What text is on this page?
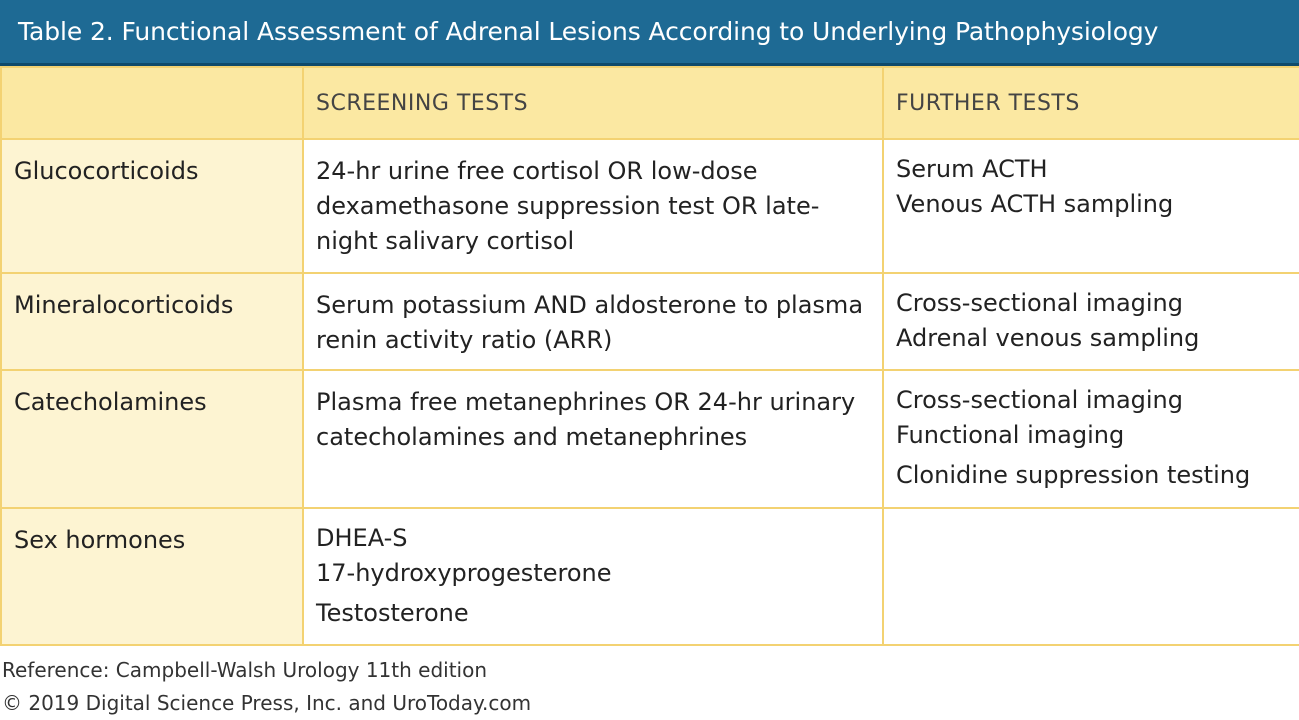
Table 2. Functional Assessment of Adrenal Lesions According to Underlying Pathophysiology
	SCREENING TESTS	FURTHER TESTS
Glucocorticoids	24-hr urine free cortisol OR low-dose dexamethasone suppression test OR late-night salivary cortisol	Serum ACTH
Venous ACTH sampling

Mineralocorticoids	Serum potassium AND aldosterone to plasma renin activity ratio (ARR)	Cross-sectional imaging
Adrenal venous sampling

Catecholamines	Plasma free metanephrines OR 24-hr urinary catecholamines and metanephrines	Cross-sectional imaging
Functional imaging
Clonidine suppression testing

Sex hormones	DHEA-S
17-hydroxyprogesterone
Testosterone	

Reference: Campbell-Walsh Urology 11th edition
© 2019 Digital Science Press, Inc. and UroToday.com
